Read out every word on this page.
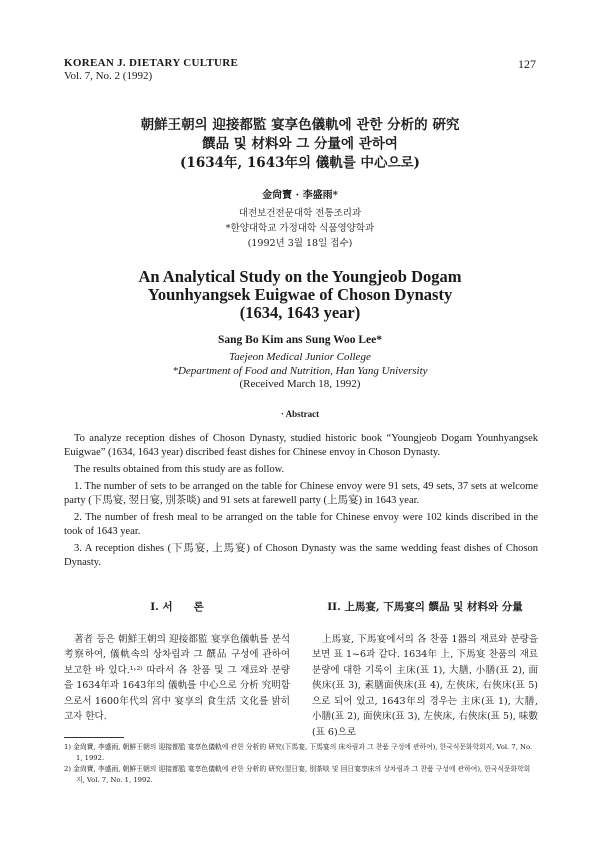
KOREAN J. DIETARY CULTURE
Vol. 7, No. 2 (1992)
127
朝鮮王朝의 迎接都監 宴享色儀軌에 관한 分析的 硏究
饌品 및 材料와 그 分量에 관하여
(1634年, 1643年의 儀軌를 中心으로)
金尙寶 · 李盛雨*
대전보건전문대학 전통조리과
*한양대학교 가정대학 식품영양학과
(1992년 3월 18일 접수)
An Analytical Study on the Youngjeob Dogam
Younhyangsek Euigwae of Choson Dynasty
(1634, 1643 year)
Sang Bo Kim ans Sung Woo Lee*
Taejeon Medical Junior College
*Department of Food and Nutrition, Han Yang University
(Received March 18, 1992)
· Abstract

To analyze reception dishes of Choson Dynasty, studied historic book “Youngjeob Dogam Younhyangsek Euigwae” (1634, 1643 year) discribed feast dishes for Chinese envoy in Choson Dynasty.

The results obtained from this study are as follow.

1. The number of sets to be arranged on the table for Chinese envoy were 91 sets, 49 sets, 37 sets at welcome party (下馬宴, 翌日宴, 別茶啖) and 91 sets at farewell party (上馬宴) in 1643 year.

2. The number of fresh meal to be arranged on the table for Chinese envoy were 102 kinds discribed in the took of 1643 year.

3. A reception dishes (下馬宴, 上馬宴) of Choson Dynasty was the same wedding feast dishes of Choson Dynasty.

I. 서　　론
著者 등은 朝鮮王朝의 迎接都監 宴享色儀軌를 분석 考察하여, 儀軌속의 상차림과 그 饌品 구성에 관하여 보고한 바 있다.¹˒²⁾ 따라서 各 찬품 및 그 재료와 분량을 1634年과 1643年의 儀軌를 中心으로 分析 究明함으로서 1600年代의 宮中 宴享의 食生活 文化를 밝히고자 한다.
II. 上馬宴, 下馬宴의 饌品 및 材料와 分量
上馬宴, 下馬宴에서의 各 찬품 1器의 재료와 분량을 보면 표 1~6과 같다. 1634年 上, 下馬宴 찬품의 재료 분량에 대한 기록이 主床(표 1), 大膳, 小膳(표 2), 面俠床(표 3), 素膳面俠床(표 4), 左俠床, 右俠床(표 5)으로 되어 있고, 1643年의 경우는 主床(표 1), 大膳, 小膳(표 2), 面俠床(표 3), 左俠床, 右俠床(표 5), 味數(표 6)으로
1) 金尙寶, 李盛雨, 朝鮮王朝의 迎接都監 宴享色儀軌에 관한 分析的 硏究(下馬宴, 下馬宴의 床차림과 그 찬품 구성에 관하여), 한국식문화학회지, Vol. 7, No. 1, 1992.
2) 金尙寶, 李盛雨, 朝鮮王朝의 迎接都監 宴享色儀軌에 관한 分析的 硏究(翌日宴, 別茶啖 및 回日宴享床의 상차림과 그 찬품 구성에 관하여), 한국식문화학회지, Vol. 7, No. 1, 1992.
